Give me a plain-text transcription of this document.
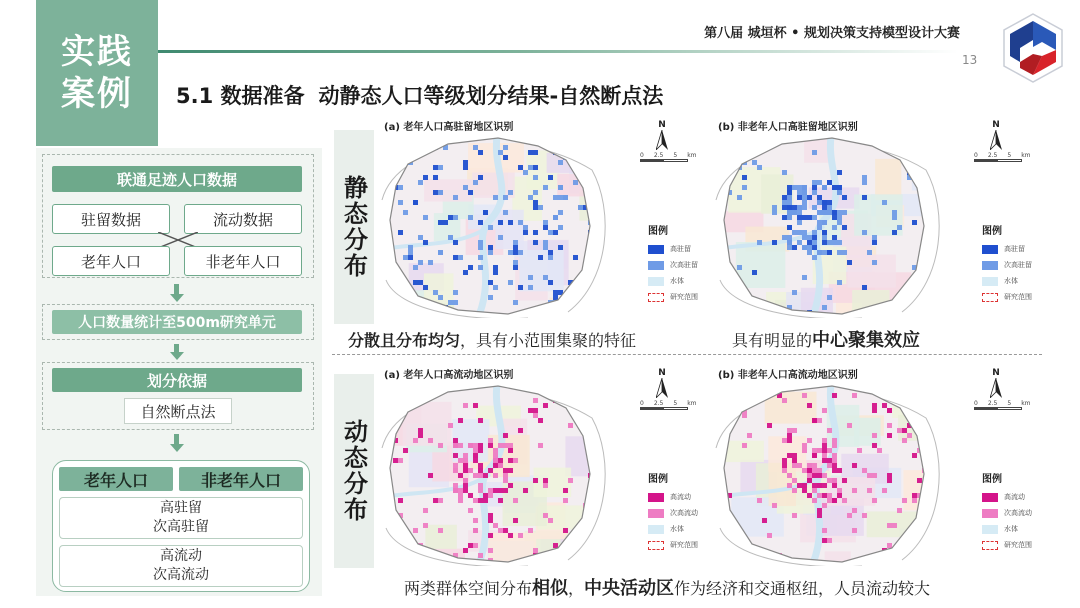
实践
案例
第八届 城垣杯 • 规划决策支持模型设计大赛
13
5.1 数据准备 动静态人口等级划分结果-自然断点法
联通足迹人口数据
驻留数据	流动数据
老年人口	非老年人口
人口数量统计至500m研究单元
划分依据
自然断点法
老年人口	非老年人口
高驻留
次高驻留
高流动
次高流动
静态分布
动态分布
(a) 老年人口高驻留地区识别	N
0 2.5 5 km
图例
高驻留
次高驻留
水体
研究范围
(b) 非老年人口高驻留地区识别	N
0 2.5 5 km
图例
高驻留
次高驻留
水体
研究范围
(a) 老年人口高流动地区识别	N
0 2.5 5 km
图例
高流动
次高流动
水体
研究范围
(b) 非老年人口高流动地区识别	N
0 2.5 5 km
图例
高流动
次高流动
水体
研究范围
分散且分布均匀，具有小范围集聚的特征	具有明显的中心聚集效应
两类群体空间分布相似，中央活动区作为经济和交通枢纽，人员流动较大
